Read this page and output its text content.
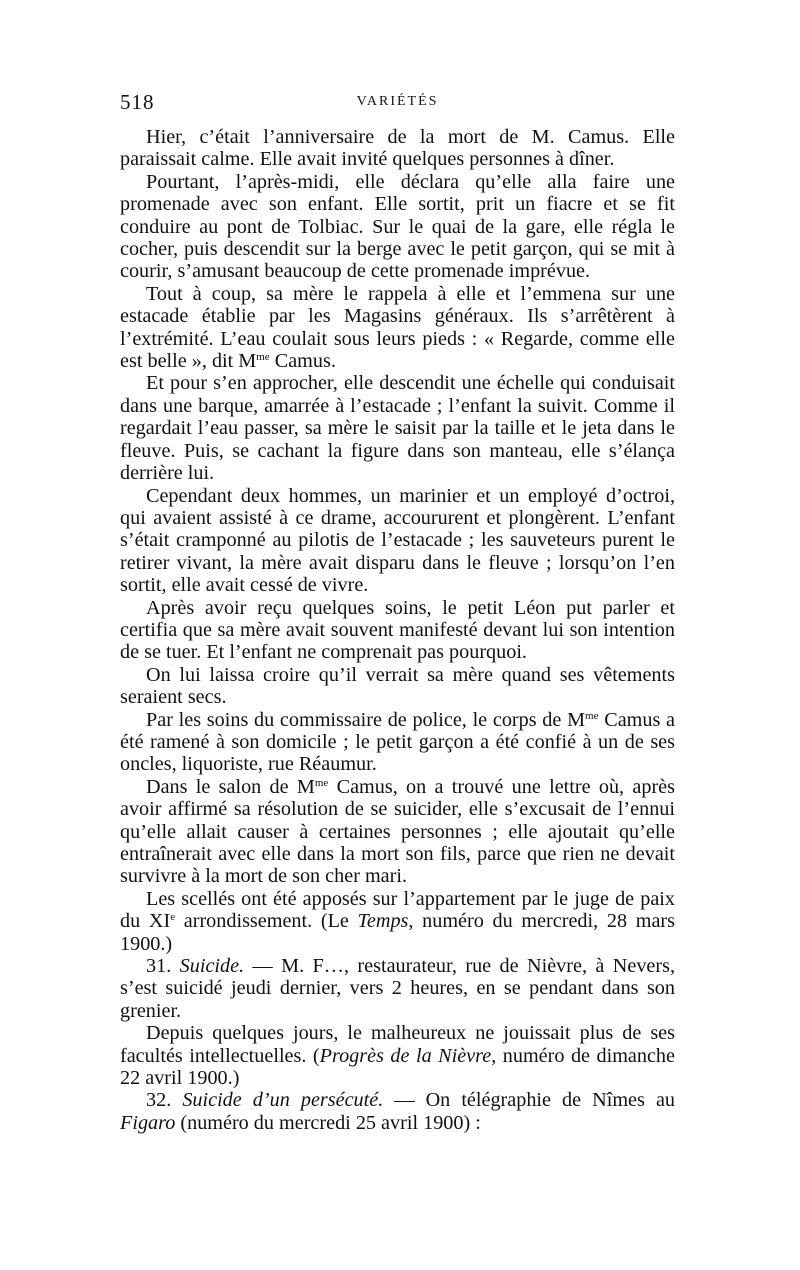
518	VARIÉTÉS

Hier, c’était l’anniversaire de la mort de M. Camus. Elle paraissait calme. Elle avait invité quelques personnes à dîner.

Pourtant, l’après-midi, elle déclara qu’elle alla faire une promenade avec son enfant. Elle sortit, prit un fiacre et se fit conduire au pont de Tolbiac. Sur le quai de la gare, elle régla le cocher, puis descendit sur la berge avec le petit garçon, qui se mit à courir, s’amusant beaucoup de cette promenade imprévue.

Tout à coup, sa mère le rappela à elle et l’emmena sur une estacade établie par les Magasins généraux. Ils s’arrêtèrent à l’extrémité. L’eau coulait sous leurs pieds : « Regarde, comme elle est belle », dit $M^{me}$ Camus.

Et pour s’en approcher, elle descendit une échelle qui conduisait dans une barque, amarrée à l’estacade ; l’enfant la suivit. Comme il regardait l’eau passer, sa mère le saisit par la taille et le jeta dans le fleuve. Puis, se cachant la figure dans son manteau, elle s’élança derrière lui.

Cependant deux hommes, un marinier et un employé d’octroi, qui avaient assisté à ce drame, accoururent et plongèrent. L’enfant s’était cramponné au pilotis de l’estacade ; les sauveteurs purent le retirer vivant, la mère avait disparu dans le fleuve ; lorsqu’on l’en sortit, elle avait cessé de vivre.

Après avoir reçu quelques soins, le petit Léon put parler et certifia que sa mère avait souvent manifesté devant lui son intention de se tuer. Et l’enfant ne comprenait pas pourquoi.

On lui laissa croire qu’il verrait sa mère quand ses vêtements seraient secs.

Par les soins du commissaire de police, le corps de $M^{me}$ Camus a été ramené à son domicile ; le petit garçon a été confié à un de ses oncles, liquoriste, rue Réaumur.

Dans le salon de $M^{me}$ Camus, on a trouvé une lettre où, après avoir affirmé sa résolution de se suicider, elle s’excusait de l’ennui qu’elle allait causer à certaines personnes ; elle ajoutait qu’elle entraînerait avec elle dans la mort son fils, parce que rien ne devait survivre à la mort de son cher mari.

Les scellés ont été apposés sur l’appartement par le juge de paix du XIe arrondissement. (Le Temps, numéro du mercredi, 28 mars 1900.)

31. Suicide. — M. F…, restaurateur, rue de Nièvre, à Nevers, s’est suicidé jeudi dernier, vers 2 heures, en se pendant dans son grenier.

Depuis quelques jours, le malheureux ne jouissait plus de ses facultés intellectuelles. (Progrès de la Nièvre, numéro de dimanche 22 avril 1900.)

32. Suicide d’un persécuté. — On télégraphie de Nîmes au Figaro (numéro du mercredi 25 avril 1900) :
